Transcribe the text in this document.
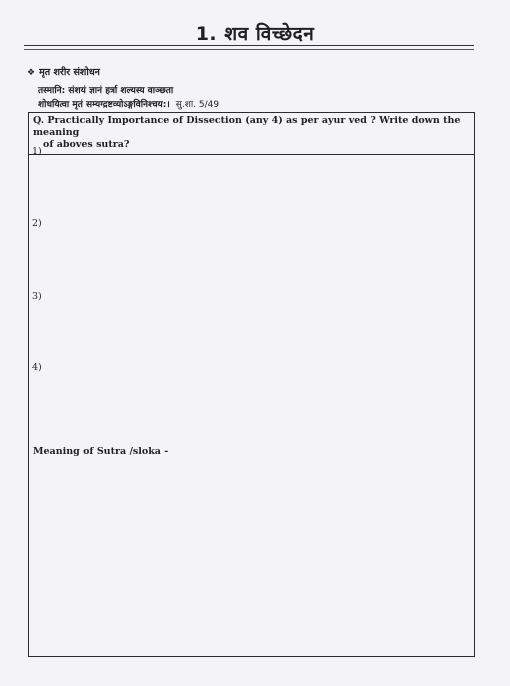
1. शव विच्छेदन
❖ मृत शरीर संशोधन
तस्मानि: संशयं ज्ञानं हर्त्रा शल्यस्य वाञ्छता
शोधयित्वा मृतं सम्यग्द्रष्टव्योऽङ्गविनिश्चय:। सु.शा. 5/49
Q. Practically Importance of Dissection (any 4) as per ayur ved ? Write down the meaning
of aboves sutra?
1)
2)
3)
4)
Meaning of Sutra /sloka -
